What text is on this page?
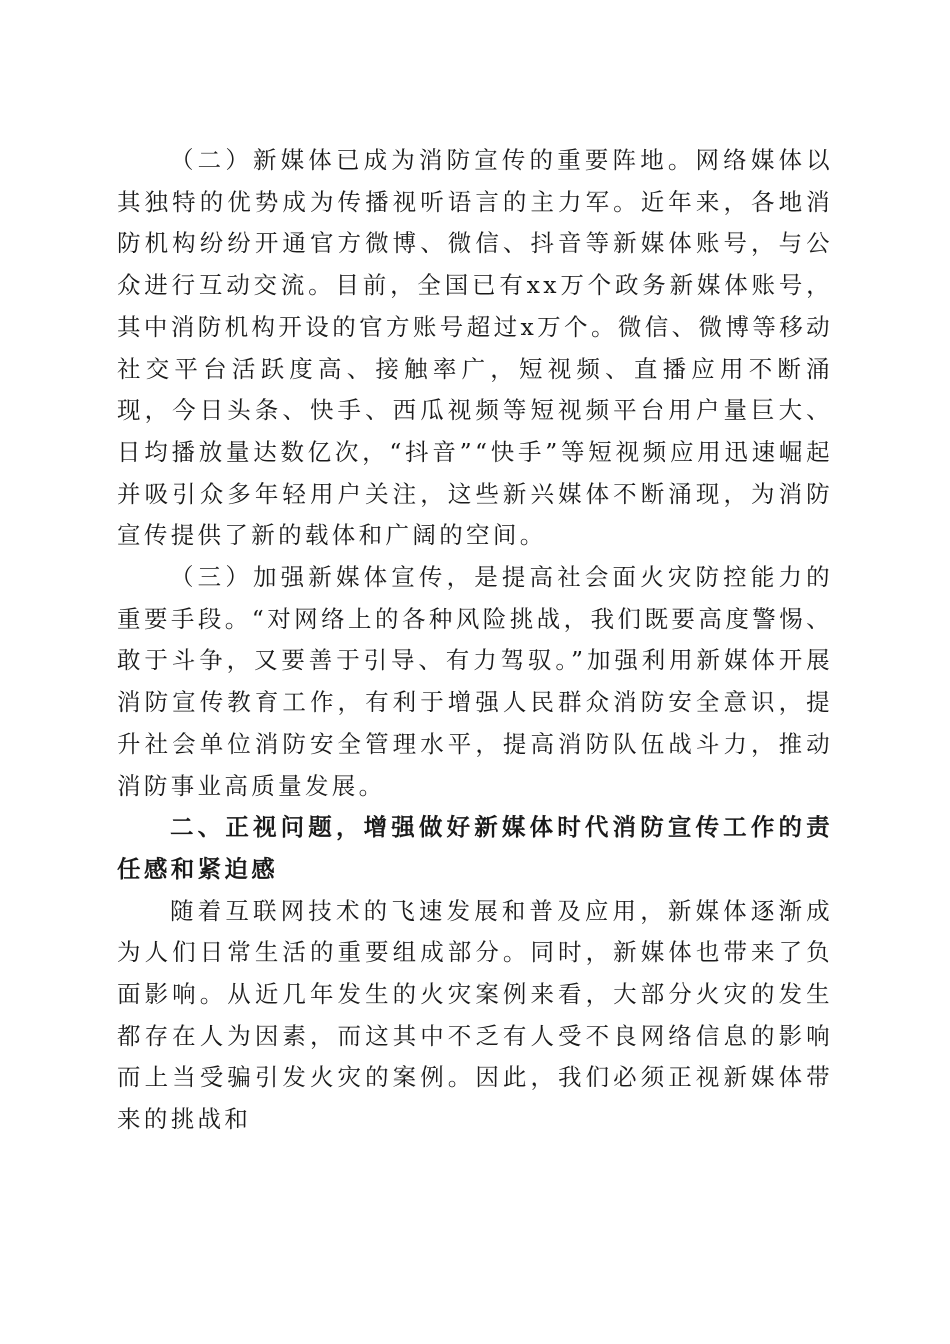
（二）新媒体已成为消防宣传的重要阵地。网络媒体以其独特的优势成为传播视听语言的主力军。近年来，各地消防机构纷纷开通官方微博、微信、抖音等新媒体账号，与公众进行互动交流。目前，全国已有xx万个政务新媒体账号，其中消防机构开设的官方账号超过x万个。微信、微博等移动社交平台活跃度高、接触率广，短视频、直播应用不断涌现，今日头条、快手、西瓜视频等短视频平台用户量巨大、日均播放量达数亿次，“抖音”“快手”等短视频应用迅速崛起并吸引众多年轻用户关注，这些新兴媒体不断涌现，为消防宣传提供了新的载体和广阔的空间。

（三）加强新媒体宣传，是提高社会面火灾防控能力的重要手段。“对网络上的各种风险挑战，我们既要高度警惕、敢于斗争，又要善于引导、有力驾驭。”加强利用新媒体开展消防宣传教育工作，有利于增强人民群众消防安全意识，提升社会单位消防安全管理水平，提高消防队伍战斗力，推动消防事业高质量发展。

二、正视问题，增强做好新媒体时代消防宣传工作的责任感和紧迫感

随着互联网技术的飞速发展和普及应用，新媒体逐渐成为人们日常生活的重要组成部分。同时，新媒体也带来了负面影响。从近几年发生的火灾案例来看，大部分火灾的发生都存在人为因素，而这其中不乏有人受不良网络信息的影响而上当受骗引发火灾的案例。因此，我们必须正视新媒体带来的挑战和
